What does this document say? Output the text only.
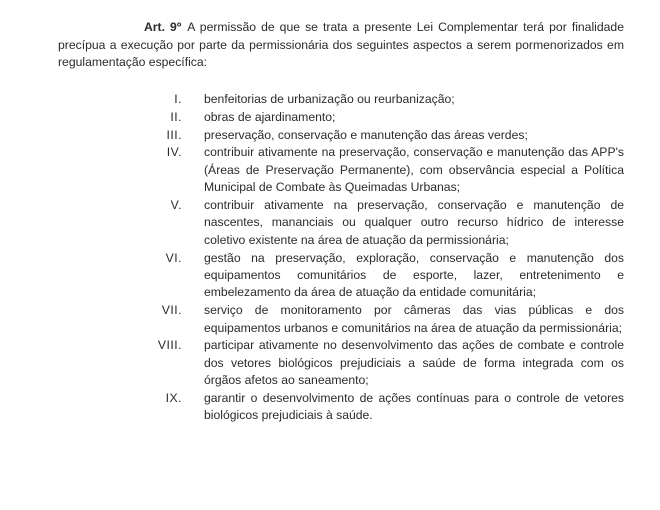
Art. 9º A permissão de que se trata a presente Lei Complementar terá por finalidade precípua a execução por parte da permissionária dos seguintes aspectos a serem pormenorizados em regulamentação específica:

I. benfeitorias de urbanização ou reurbanização;
II. obras de ajardinamento;
III. preservação, conservação e manutenção das áreas verdes;
IV. contribuir ativamente na preservação, conservação e manutenção das APP's (Áreas de Preservação Permanente), com observância especial a Política Municipal de Combate às Queimadas Urbanas;
V. contribuir ativamente na preservação, conservação e manutenção de nascentes, mananciais ou qualquer outro recurso hídrico de interesse coletivo existente na área de atuação da permissionária;
VI. gestão na preservação, exploração, conservação e manutenção dos equipamentos comunitários de esporte, lazer, entretenimento e embelezamento da área de atuação da entidade comunitária;
VII. serviço de monitoramento por câmeras das vias públicas e dos equipamentos urbanos e comunitários na área de atuação da permissionária;
VIII. participar ativamente no desenvolvimento das ações de combate e controle dos vetores biológicos prejudiciais a saúde de forma integrada com os órgãos afetos ao saneamento;
IX. garantir o desenvolvimento de ações contínuas para o controle de vetores biológicos prejudiciais à saúde.
